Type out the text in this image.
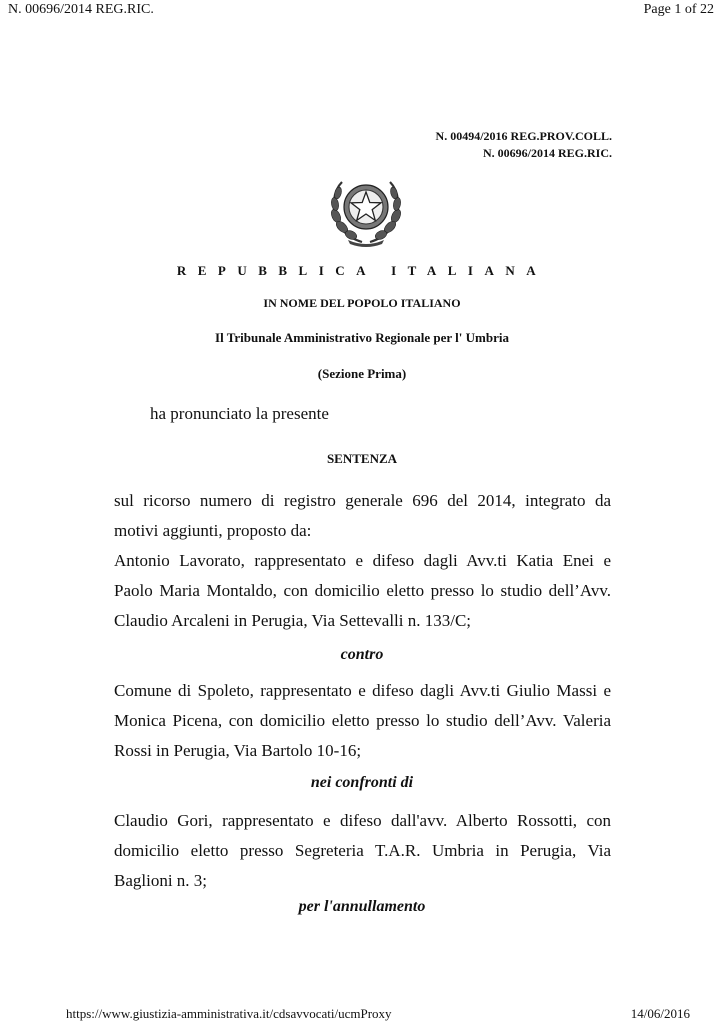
N. 00696/2014 REG.RIC.	Page 1 of 22
N. 00494/2016 REG.PROV.COLL.
N. 00696/2014 REG.RIC.
REPUBBLICA ITALIANA
IN NOME DEL POPOLO ITALIANO
Il Tribunale Amministrativo Regionale per l' Umbria
(Sezione Prima)
ha pronunciato la presente
SENTENZA
sul ricorso numero di registro generale 696 del 2014, integrato da
motivi aggiunti, proposto da:
Antonio Lavorato, rappresentato e difeso dagli Avv.ti Katia Enei e
Paolo Maria Montaldo, con domicilio eletto presso lo studio dell’Avv.
Claudio Arcaleni in Perugia, Via Settevalli n. 133/C;
contro
Comune di Spoleto, rappresentato e difeso dagli Avv.ti Giulio Massi e
Monica Picena, con domicilio eletto presso lo studio dell’Avv. Valeria
Rossi in Perugia, Via Bartolo 10-16;
nei confronti di
Claudio Gori, rappresentato e difeso dall'avv. Alberto Rossotti, con
domicilio eletto presso Segreteria T.A.R. Umbria in Perugia, Via
Baglioni n. 3;
per l'annullamento
https://www.giustizia-amministrativa.it/cdsavvocati/ucmProxy	14/06/2016
